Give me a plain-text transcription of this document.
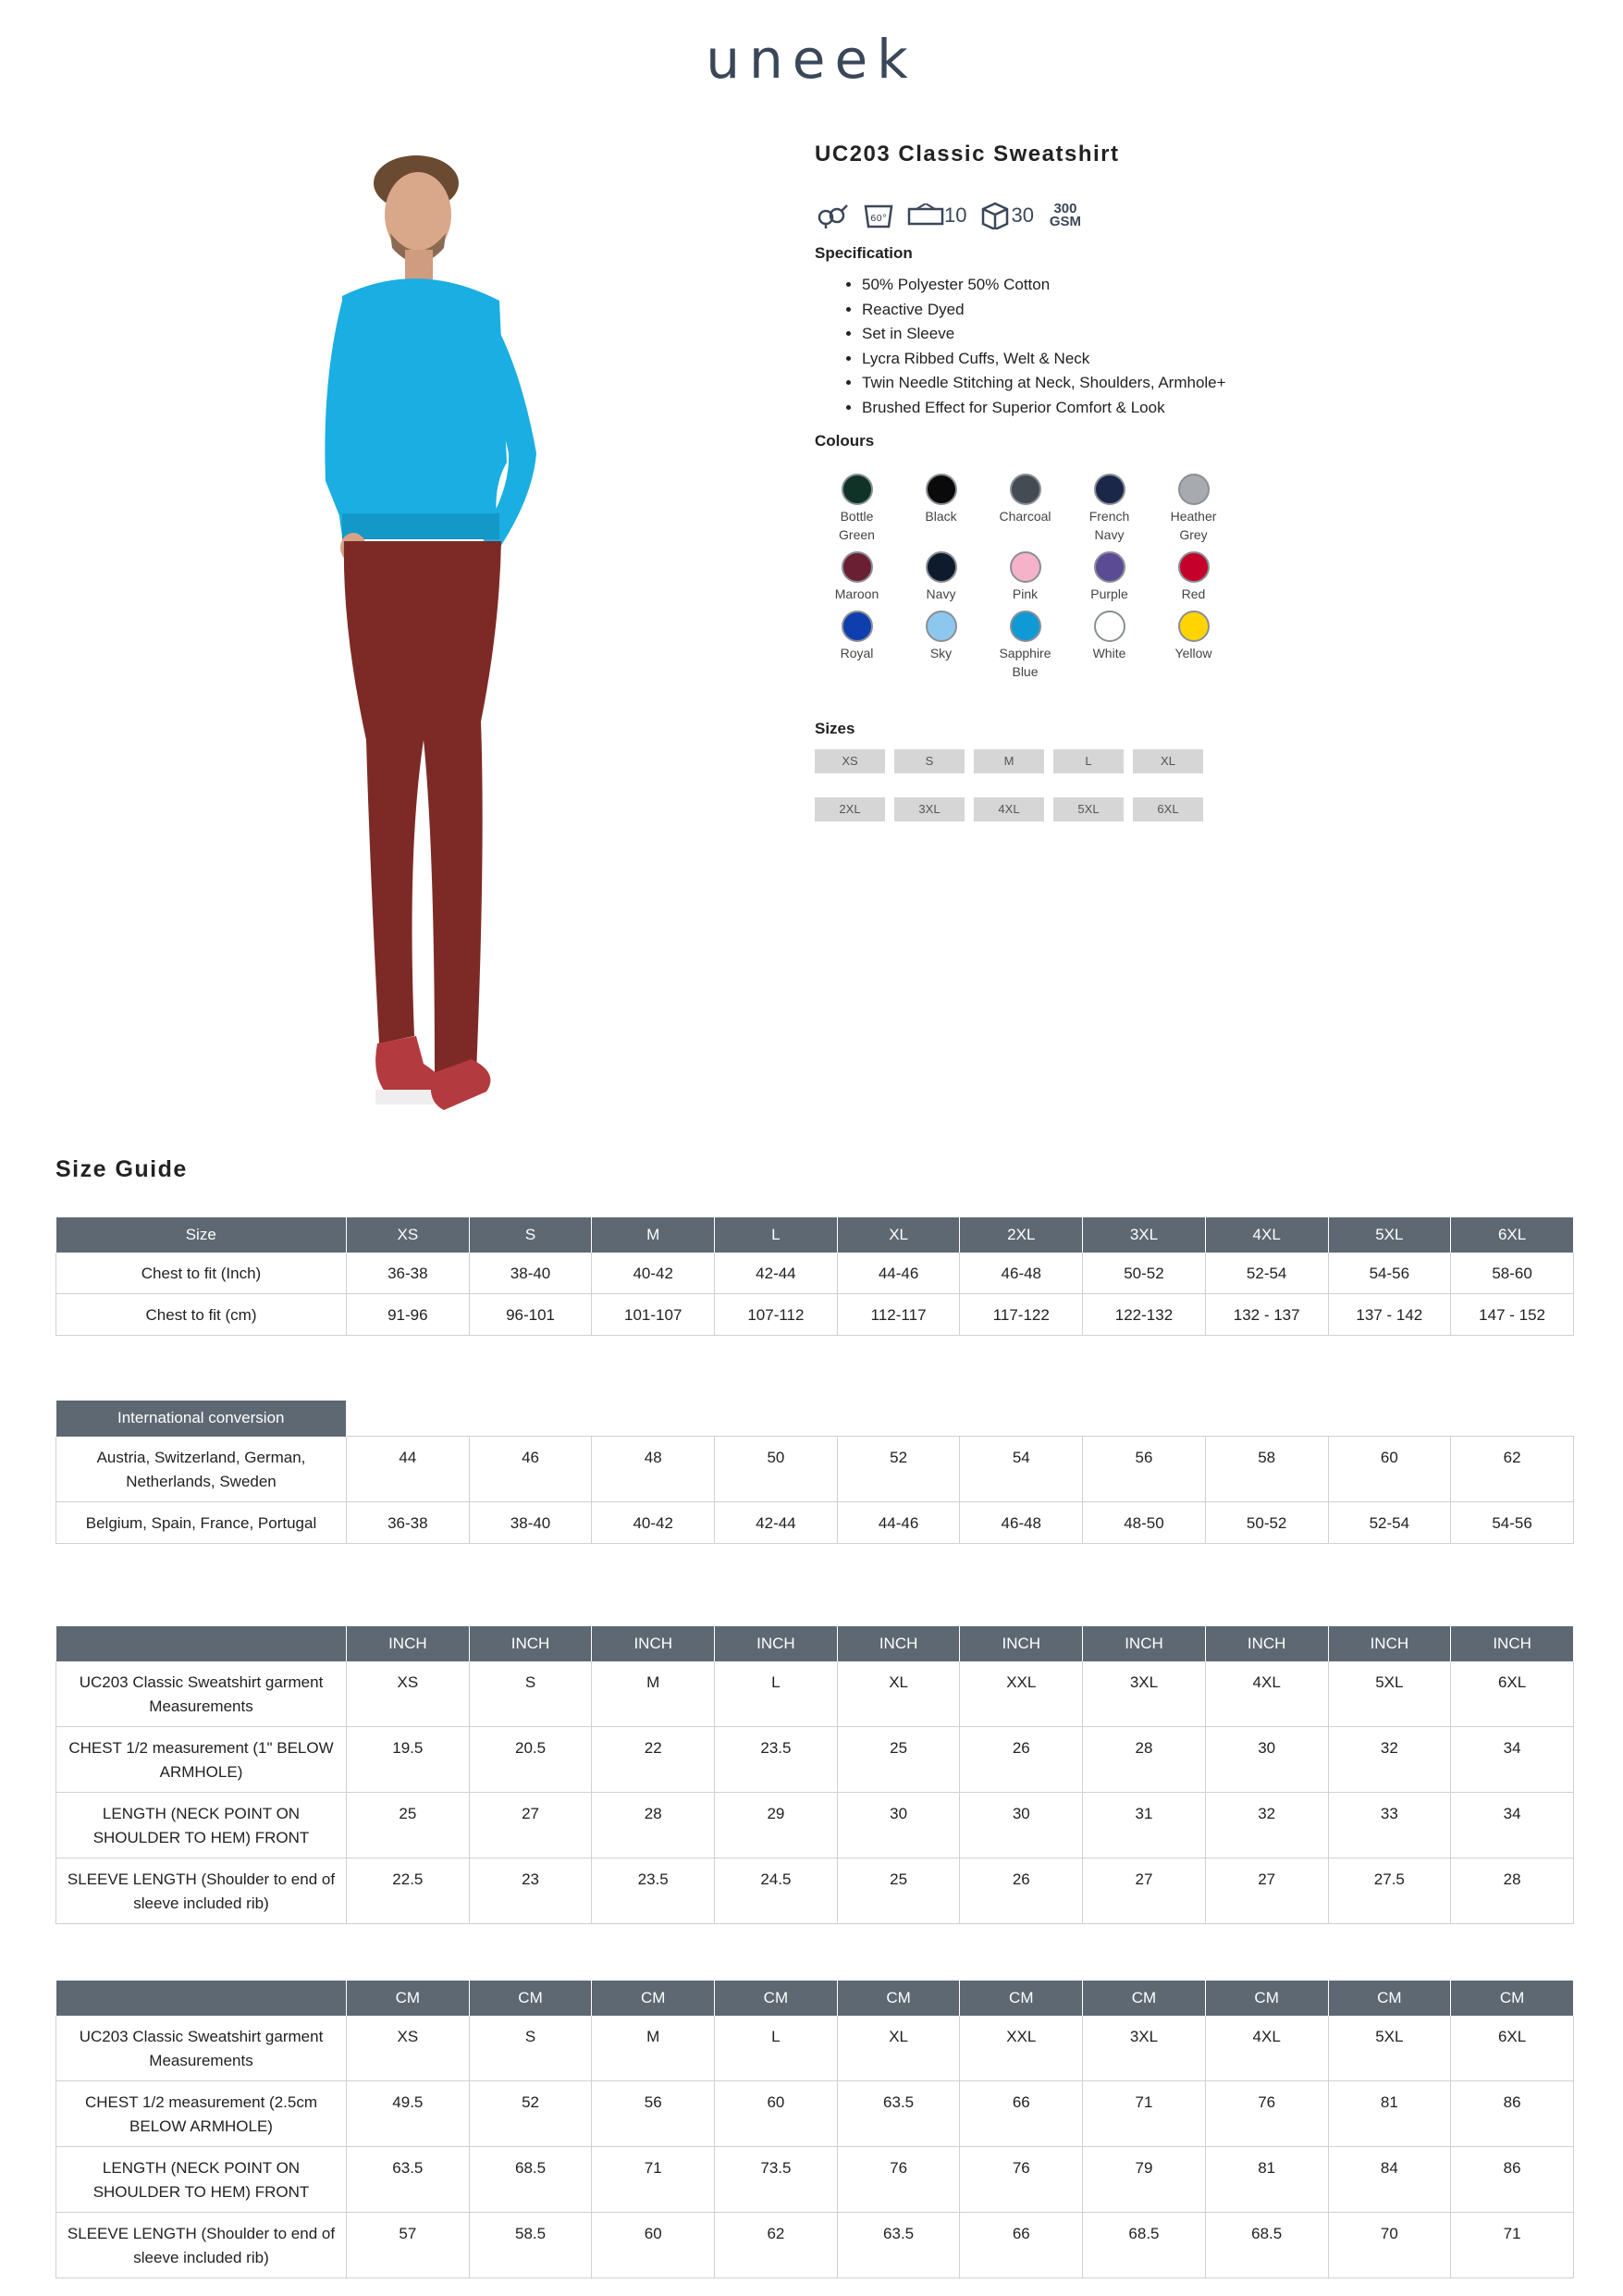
uneek
UC203 Classic Sweatshirt
60°	10 30	300 GSM
Specification
• 50% Polyester 50% Cotton
• Reactive Dyed
• Set in Sleeve
• Lycra Ribbed Cuffs, Welt & Neck
• Twin Needle Stitching at Neck, Shoulders, Armhole+
• Brushed Effect for Superior Comfort & Look
Colours
Bottle Green
Black	Charcoal	French Navy
Heather Grey
Maroon	Navy	Pink	Purple	Red
Royal	Sky	Sapphire Blue
White	Yellow
Sizes
XS	S	M	L	XL
2XL	3XL	4XL	5XL	6XL
Size Guide
Size	XS	S	M	L	XL	2XL	3XL	4XL	5XL	6XL
Chest to fit (Inch)	36-38	38-40	40-42	42-44	44-46	46-48	50-52	52-54	54-56	58-60
Chest to fit (cm)	91-96	96-101	101-107	107-112	112-117	117-122	122-132	132 - 137	137 - 142	147 - 152
International conversion										
Austria, Switzerland, German, Netherlands, Sweden	44	46	48	50	52	54	56	58	60	62
Belgium, Spain, France, Portugal	36-38	38-40	40-42	42-44	44-46	46-48	48-50	50-52	52-54	54-56
	INCH	INCH	INCH	INCH	INCH	INCH	INCH	INCH	INCH	INCH
UC203 Classic Sweatshirt garment Measurements	XS	S	M	L	XL	XXL	3XL	4XL	5XL	6XL
CHEST 1/2 measurement (1" BELOW ARMHOLE)	19.5	20.5	22	23.5	25	26	28	30	32	34
LENGTH (NECK POINT ON SHOULDER TO HEM) FRONT	25	27	28	29	30	30	31	32	33	34
SLEEVE LENGTH (Shoulder to end of sleeve included rib)	22.5	23	23.5	24.5	25	26	27	27	27.5	28
	CM	CM	CM	CM	CM	CM	CM	CM	CM	CM
UC203 Classic Sweatshirt garment Measurements	XS	S	M	L	XL	XXL	3XL	4XL	5XL	6XL
CHEST 1/2 measurement (2.5cm BELOW ARMHOLE)	49.5	52	56	60	63.5	66	71	76	81	86
LENGTH (NECK POINT ON SHOULDER TO HEM) FRONT	63.5	68.5	71	73.5	76	76	79	81	84	86
SLEEVE LENGTH (Shoulder to end of sleeve included rib)	57	58.5	60	62	63.5	66	68.5	68.5	70	71
